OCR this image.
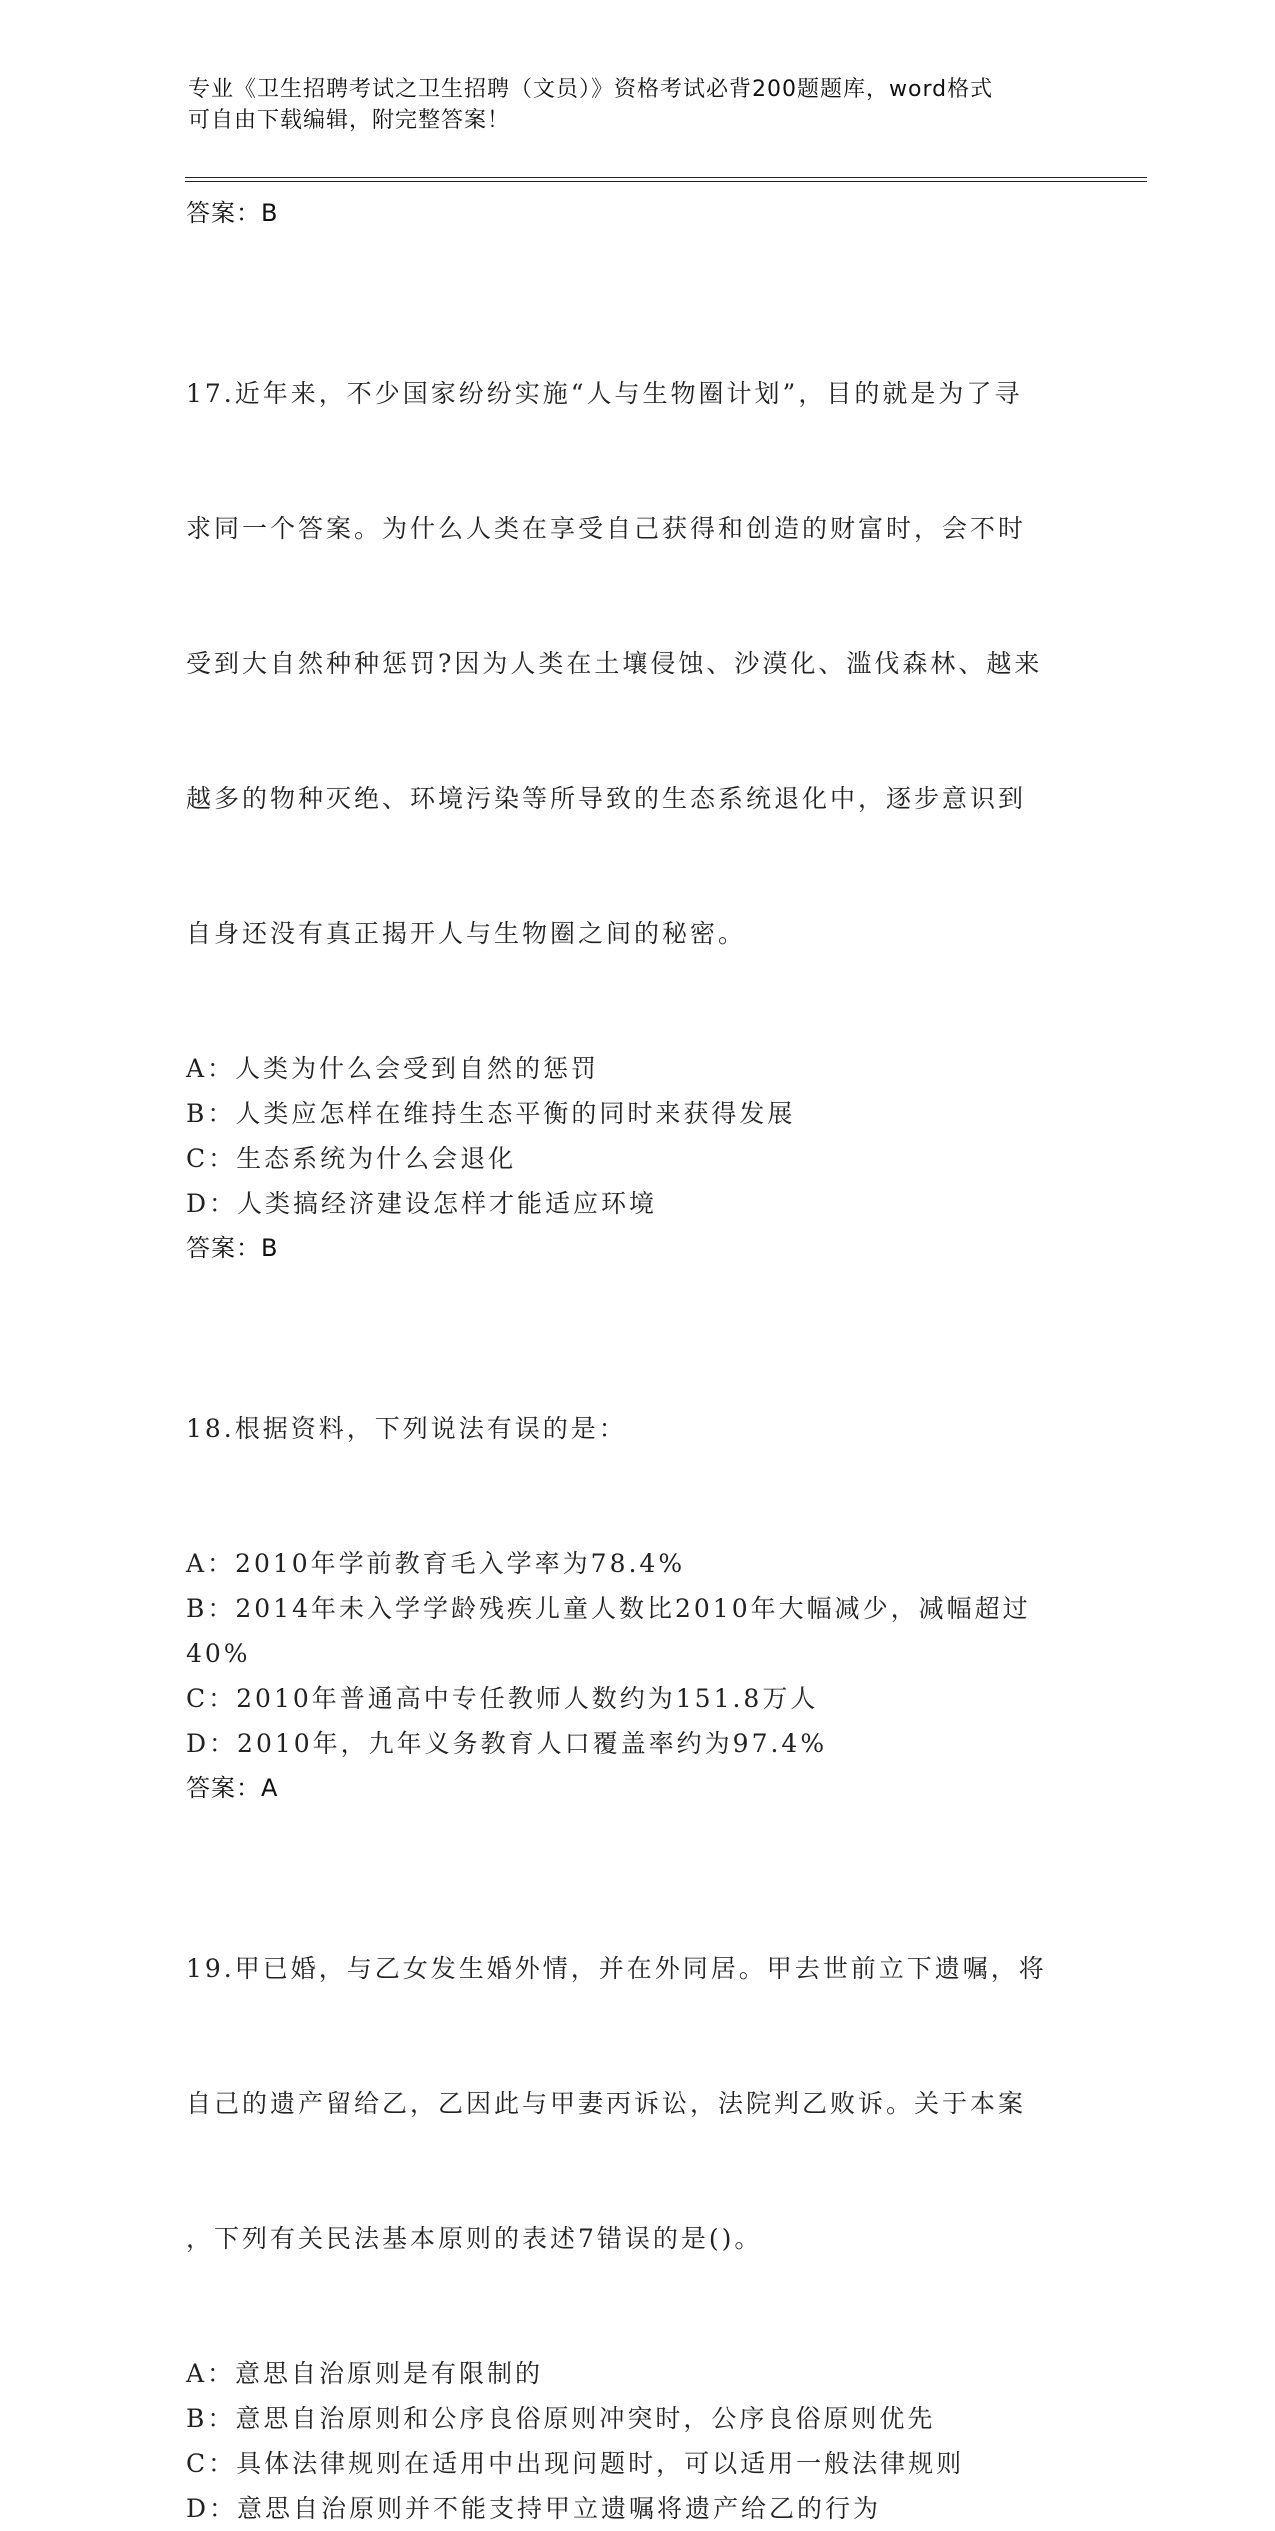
专业《卫生招聘考试之卫生招聘（文员）》资格考试必背200题题库，word格式
可自由下载编辑，附完整答案！
答案：B

17.近年来，不少国家纷纷实施“人与生物圈计划”，目的就是为了寻

求同一个答案。为什么人类在享受自己获得和创造的财富时，会不时

受到大自然种种惩罚?因为人类在土壤侵蚀、沙漠化、滥伐森林、越来

越多的物种灭绝、环境污染等所导致的生态系统退化中，逐步意识到

自身还没有真正揭开人与生物圈之间的秘密。

A：人类为什么会受到自然的惩罚
B：人类应怎样在维持生态平衡的同时来获得发展
C：生态系统为什么会退化
D：人类搞经济建设怎样才能适应环境
答案：B

18.根据资料，下列说法有误的是：

A：2010年学前教育毛入学率为78.4%
B：2014年未入学学龄残疾儿童人数比2010年大幅减少，减幅超过
40%
C：2010年普通高中专任教师人数约为151.8万人
D：2010年，九年义务教育人口覆盖率约为97.4%
答案：A

19.甲已婚，与乙女发生婚外情，并在外同居。甲去世前立下遗嘱，将

自己的遗产留给乙，乙因此与甲妻丙诉讼，法院判乙败诉。关于本案

，下列有关民法基本原则的表述7错误的是()。

A：意思自治原则是有限制的
B：意思自治原则和公序良俗原则冲突时，公序良俗原则优先
C：具体法律规则在适用中出现问题时，可以适用一般法律规则
D：意思自治原则并不能支持甲立遗嘱将遗产给乙的行为
